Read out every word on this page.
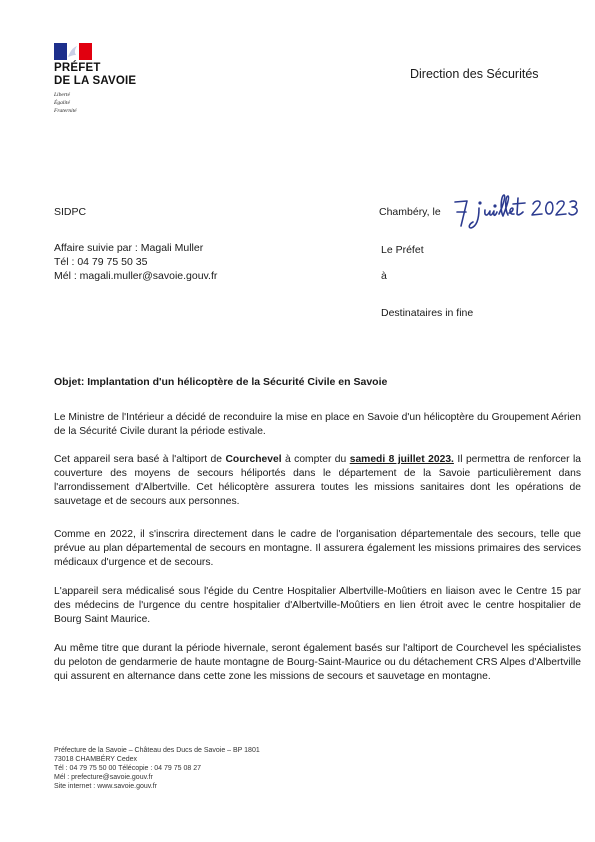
PRÉFET
DE LA SAVOIE
Liberté
Égalité
Fraternité
Direction des Sécurités
SIDPC	Chambéry, le
Affaire suivie par : Magali Muller
Tél : 04 79 75 50 35
Mél : magali.muller@savoie.gouv.fr
Le Préfet
à
Destinataires in fine
Objet: Implantation d'un hélicoptère de la Sécurité Civile en Savoie
Le Ministre de l'Intérieur a décidé de reconduire la mise en place en Savoie d'un hélicoptère du Groupement Aérien de la Sécurité Civile durant la période estivale.
Cet appareil sera basé à l'altiport de Courchevel à compter du samedi 8 juillet 2023. Il permettra de renforcer la couverture des moyens de secours héliportés dans le département de la Savoie particulièrement dans l'arrondissement d'Albertville. Cet hélicoptère assurera toutes les missions sanitaires dont les opérations de sauvetage et de secours aux personnes.
Comme en 2022, il s'inscrira directement dans le cadre de l'organisation départementale des secours, telle que prévue au plan départemental de secours en montagne. Il assurera également les missions primaires des services médicaux d'urgence et de secours.
L'appareil sera médicalisé sous l'égide du Centre Hospitalier Albertville-Moûtiers en liaison avec le Centre 15 par des médecins de l'urgence du centre hospitalier d'Albertville-Moûtiers en lien étroit avec le centre hospitalier de Bourg Saint Maurice.
Au même titre que durant la période hivernale, seront également basés sur l'altiport de Courchevel les spécialistes du peloton de gendarmerie de haute montagne de Bourg-Saint-Maurice ou du détachement CRS Alpes d'Albertville qui assurent en alternance dans cette zone les missions de secours et sauvetage en montagne.
Préfecture de la Savoie – Château des Ducs de Savoie – BP 1801
73018 CHAMBÉRY Cedex
Tél : 04 79 75 50 00 Télécopie : 04 79 75 08 27
Mél : prefecture@savoie.gouv.fr
Site internet : www.savoie.gouv.fr
